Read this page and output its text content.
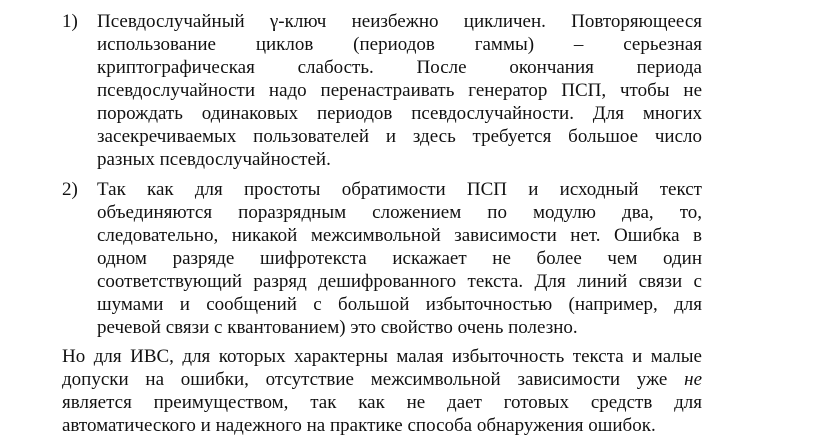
1) Псевдослучайный γ-ключ неизбежно цикличен. Повторяющееся
использование циклов (периодов гаммы) – серьезная
криптографическая слабость. После окончания периода
псевдослучайности надо перенастраивать генератор ПСП, чтобы не
порождать одинаковых периодов псевдослучайности. Для многих
засекречиваемых пользователей и здесь требуется большое число
разных псевдослучайностей.
2) Так как для простоты обратимости ПСП и исходный текст
объединяются поразрядным сложением по модулю два, то,
следовательно, никакой межсимвольной зависимости нет. Ошибка в
одном разряде шифротекста искажает не более чем один
соответствующий разряд дешифрованного текста. Для линий связи с
шумами и сообщений с большой избыточностью (например, для
речевой связи с квантованием) это свойство очень полезно.
Но для ИВС, для которых характерны малая избыточность текста и малые
допуски на ошибки, отсутствие межсимвольной зависимости уже не
является преимуществом, так как не дает готовых средств для
автоматического и надежного на практике способа обнаружения ошибок.
